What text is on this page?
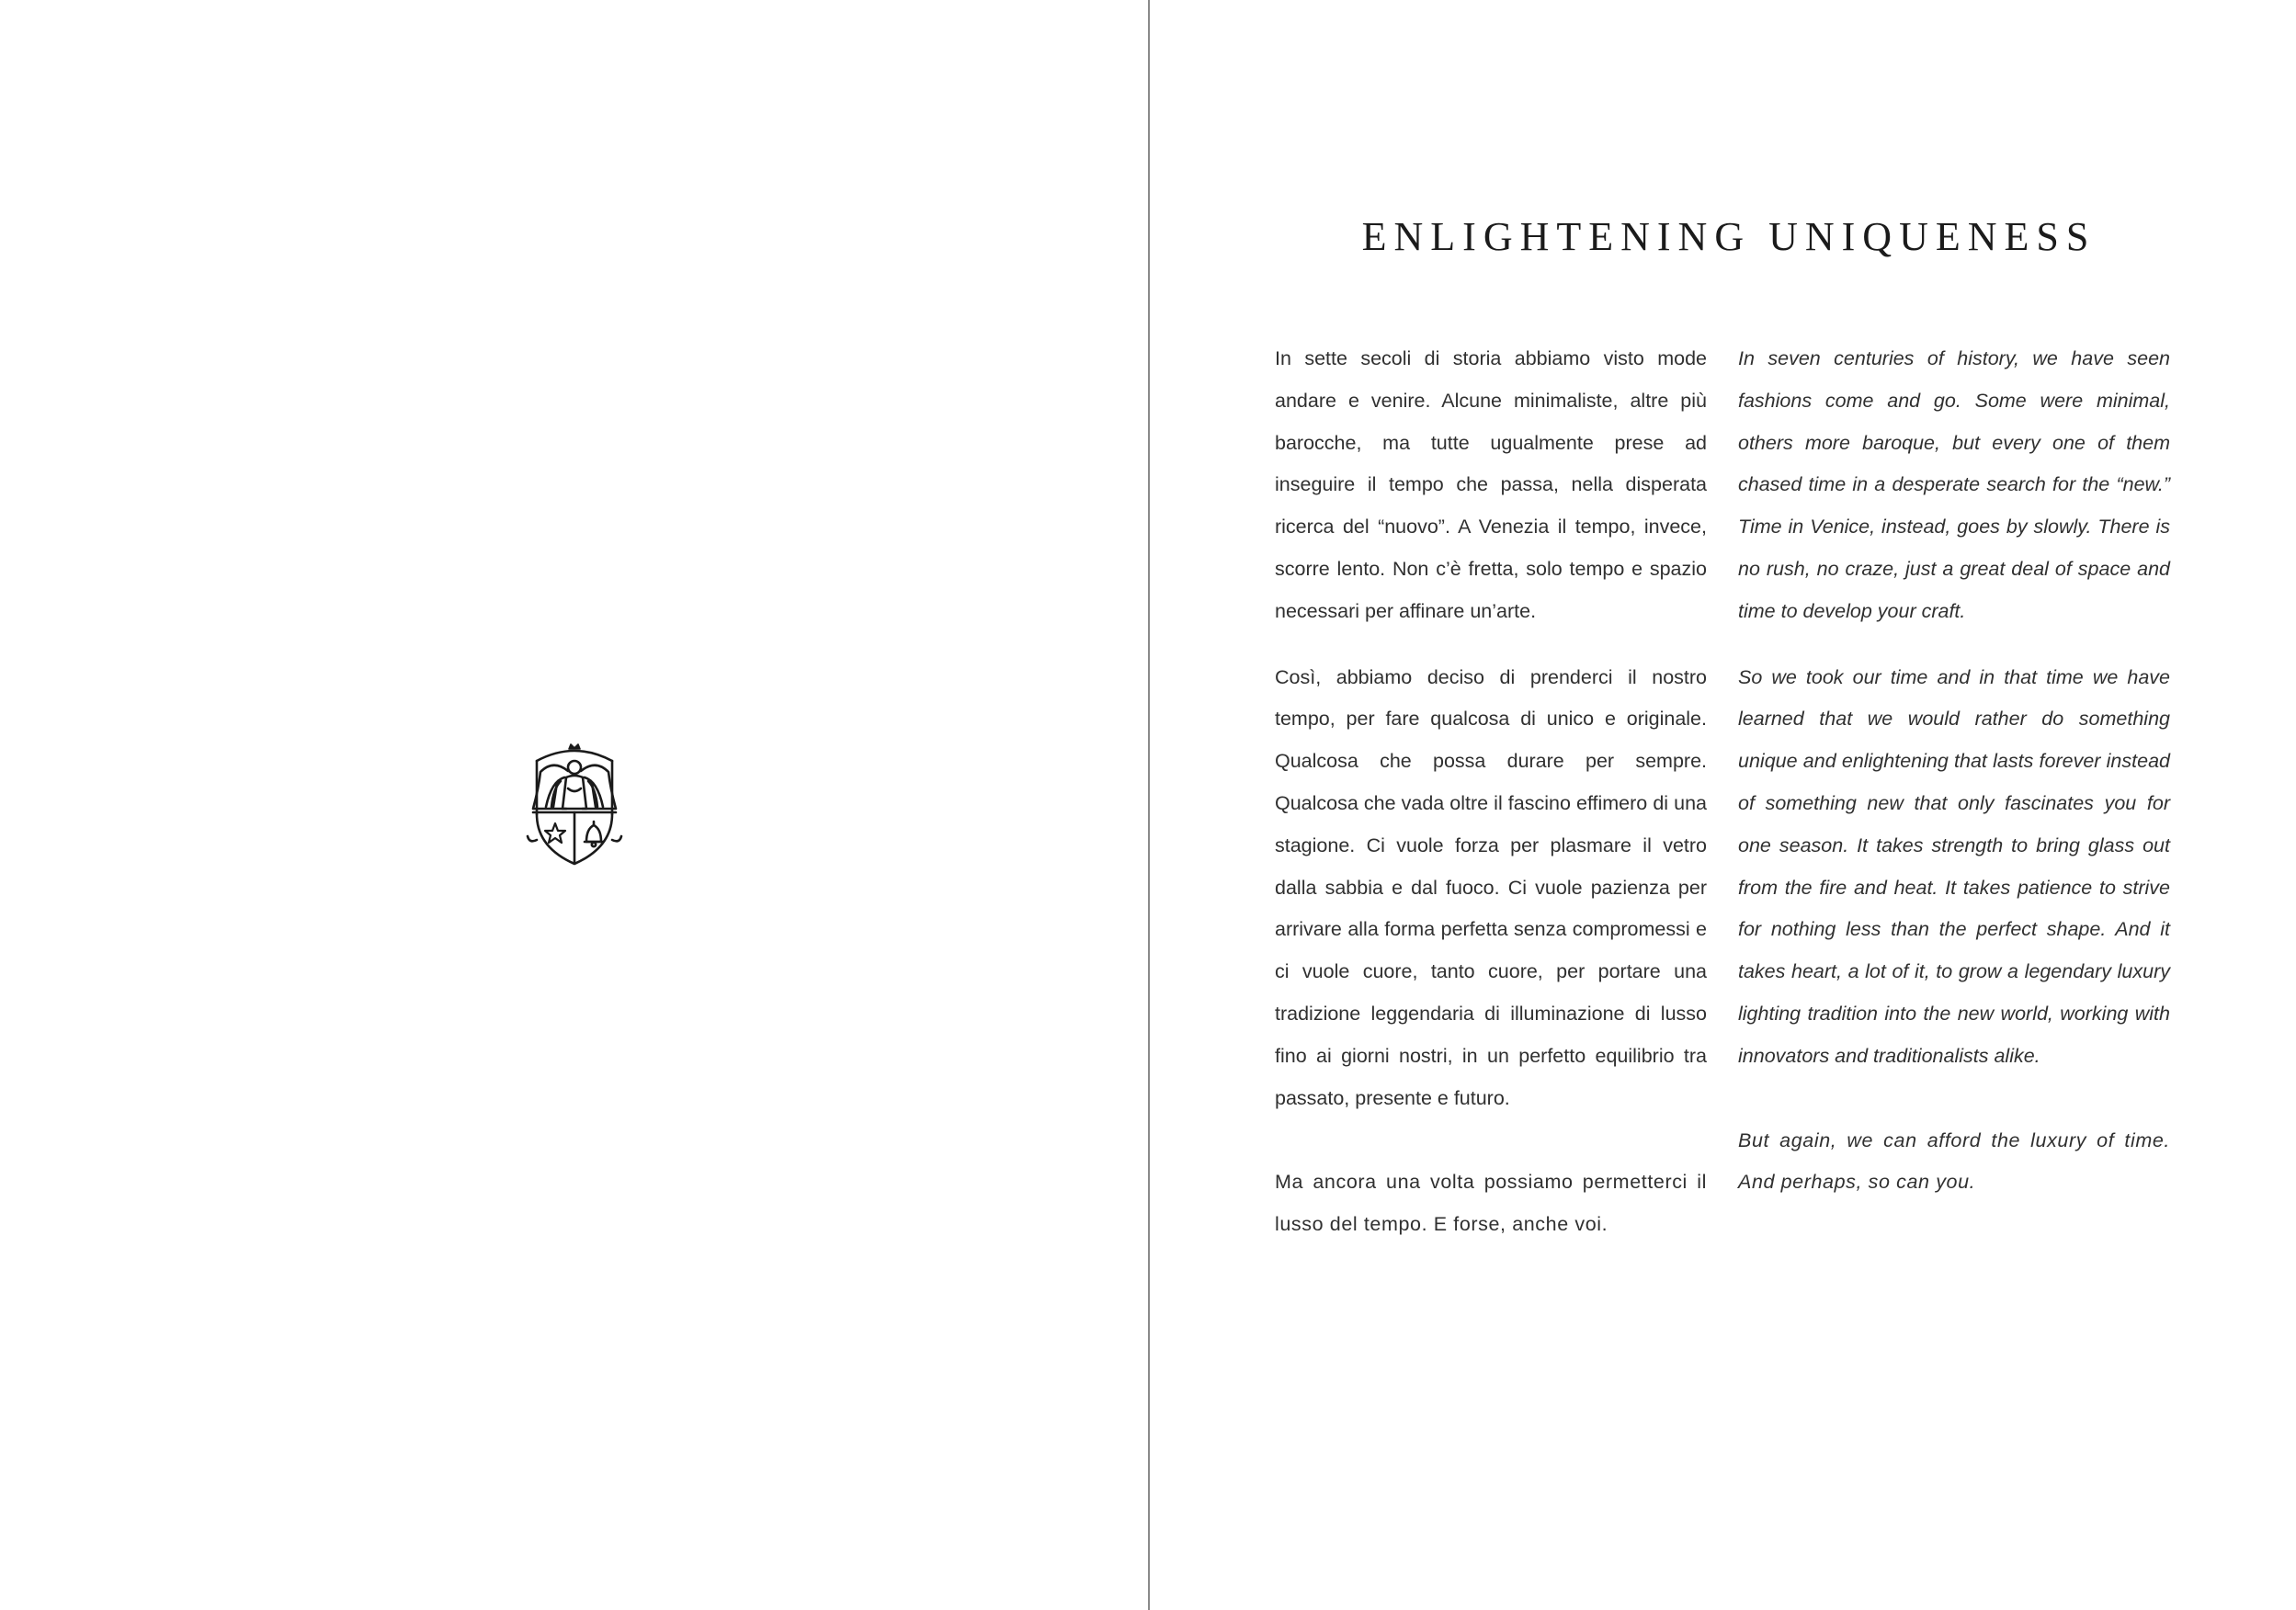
ENLIGHTENING UNIQUENESS

In sette secoli di storia abbiamo visto mode andare e venire. Alcune minimaliste, altre più barocche, ma tutte ugualmente prese ad inseguire il tempo che passa, nella disperata ricerca del “nuovo”. A Venezia il tempo, invece, scorre lento. Non c’è fretta, solo tempo e spazio necessari per affinare un’arte.

Così, abbiamo deciso di prenderci il nostro tempo, per fare qualcosa di unico e originale. Qualcosa che possa durare per sempre. Qualcosa che vada oltre il fascino effimero di una stagione. Ci vuole forza per plasmare il vetro dalla sabbia e dal fuoco. Ci vuole pazienza per arrivare alla forma perfetta senza compromessi e ci vuole cuore, tanto cuore, per portare una tradizione leggendaria di illuminazione di lusso fino ai giorni nostri, in un perfetto equilibrio tra passato, presente e futuro.

Ma ancora una volta possiamo permetterci il lusso del tempo. E forse, anche voi.

In seven centuries of history, we have seen fashions come and go. Some were minimal, others more baroque, but every one of them chased time in a desperate search for the “new.” Time in Venice, instead, goes by slowly. There is no rush, no craze, just a great deal of space and time to develop your craft.

So we took our time and in that time we have learned that we would rather do something unique and enlightening that lasts forever instead of something new that only fascinates you for one season. It takes strength to bring glass out from the fire and heat. It takes patience to strive for nothing less than the perfect shape. And it takes heart, a lot of it, to grow a legendary luxury lighting tradition into the new world, working with innovators and traditionalists alike.

But again, we can afford the luxury of time. And perhaps, so can you.
